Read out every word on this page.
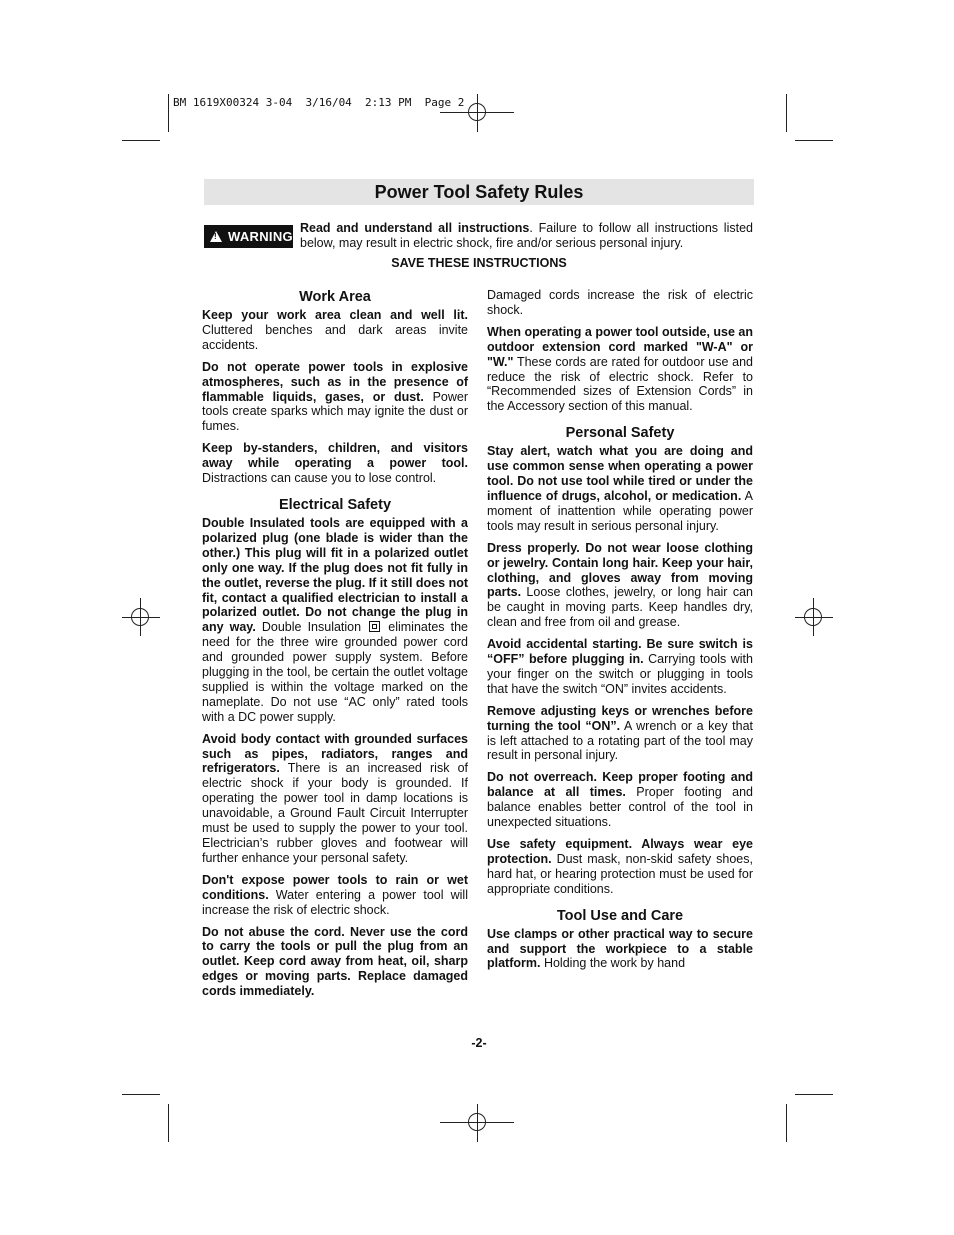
BM 1619X00324 3-04  3/16/04  2:13 PM  Page 2
Power Tool Safety Rules
!
WARNING
Read and understand all instructions. Failure to follow all instructions listed below, may result in electric shock, fire and/or serious personal injury.
SAVE THESE INSTRUCTIONS
Work Area

Keep your work area clean and well lit. Cluttered benches and dark areas invite accidents.

Do not operate power tools in explosive atmospheres, such as in the presence of flammable liquids, gases, or dust. Power tools create sparks which may ignite the dust or fumes.

Keep by-standers, children, and visitors away while operating a power tool. Distractions can cause you to lose control.

Electrical Safety

Double Insulated tools are equipped with a polarized plug (one blade is wider than the other.) This plug will fit in a polarized outlet only one way. If the plug does not fit fully in the outlet, reverse the plug. If it still does not fit, contact a qualified electrician to install a polarized outlet. Do not change the plug in any way. Double Insulation  eliminates the need for the three wire grounded power cord and grounded power supply system. Before plugging in the tool, be certain the outlet voltage supplied is within the voltage marked on the nameplate. Do not use “AC only” rated tools with a DC power supply.

Avoid body contact with grounded surfaces such as pipes, radiators, ranges and refrigerators. There is an increased risk of electric shock if your body is grounded. If operating the power tool in damp locations is unavoidable, a Ground Fault Circuit Interrupter must be used to supply the power to your tool. Electrician’s rubber gloves and footwear will further enhance your personal safety.

Don't expose power tools to rain or wet conditions. Water entering a power tool will increase the risk of electric shock.

Do not abuse the cord. Never use the cord to carry the tools or pull the plug from an outlet. Keep cord away from heat, oil, sharp edges or moving parts. Replace damaged cords immediately.

Damaged cords increase the risk of electric shock.

When operating a power tool outside, use an outdoor extension cord marked "W-A" or "W." These cords are rated for outdoor use and reduce the risk of electric shock. Refer to “Recommended sizes of Extension Cords” in the Accessory section of this manual.

Personal Safety

Stay alert, watch what you are doing and use common sense when operating a power tool. Do not use tool while tired or under the influence of drugs, alcohol, or medication. A moment of inattention while operating power tools may result in serious personal injury.

Dress properly. Do not wear loose clothing or jewelry. Contain long hair. Keep your hair, clothing, and gloves away from moving parts. Loose clothes, jewelry, or long hair can be caught in moving parts. Keep handles dry, clean and free from oil and grease.

Avoid accidental starting. Be sure switch is “OFF” before plugging in. Carrying tools with your finger on the switch or plugging in tools that have the switch “ON” invites accidents.

Remove adjusting keys or wrenches before turning the tool “ON”. A wrench or a key that is left attached to a rotating part of the tool may result in personal injury.

Do not overreach. Keep proper footing and balance at all times. Proper footing and balance enables better control of the tool in unexpected situations.

Use safety equipment. Always wear eye protection. Dust mask, non-skid safety shoes, hard hat, or hearing protection must be used for appropriate conditions.

Tool Use and Care

Use clamps or other practical way to secure and support the workpiece to a stable platform. Holding the work by hand

-2-
